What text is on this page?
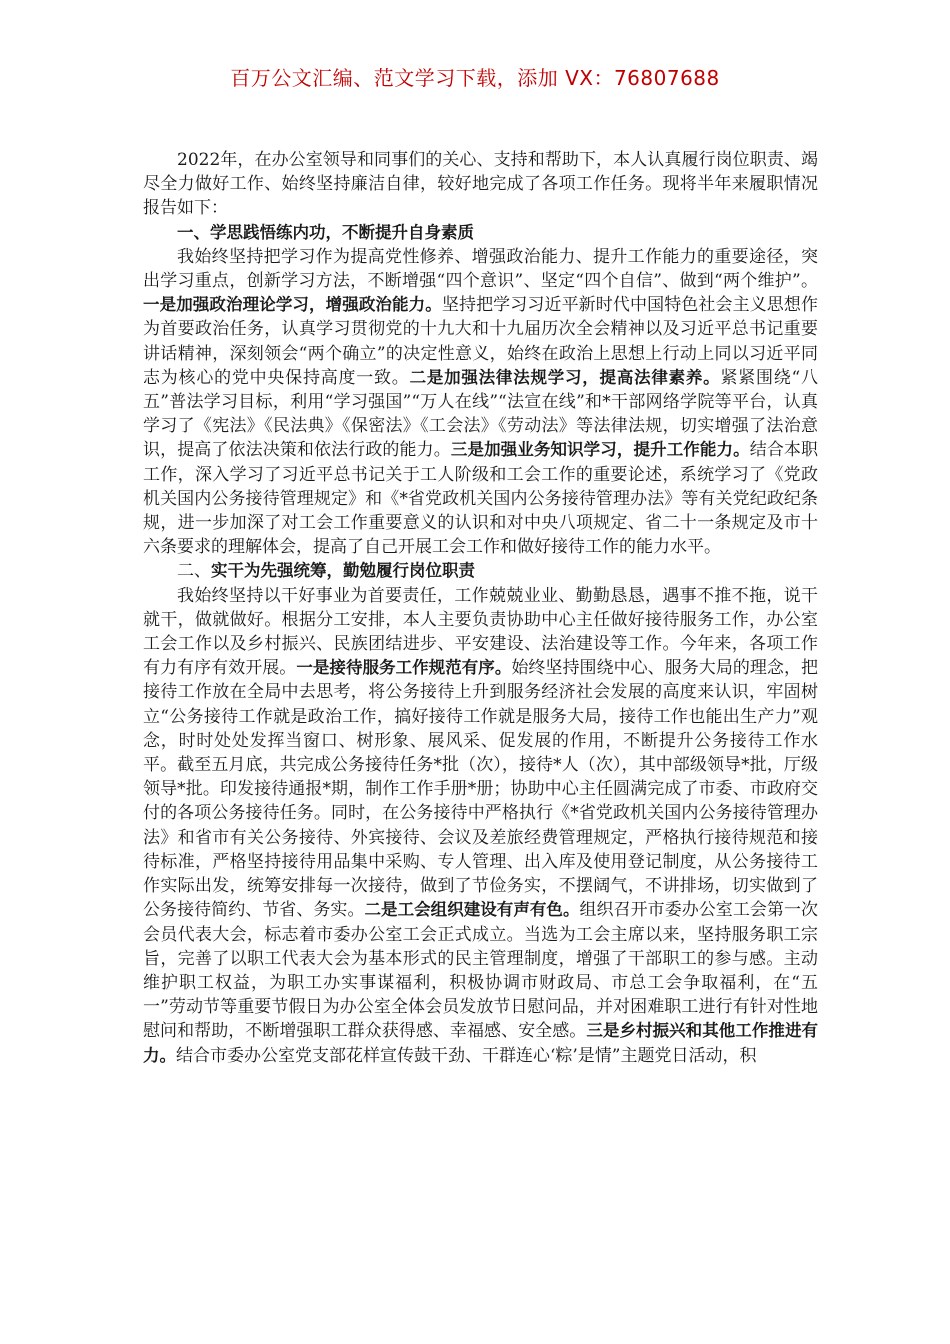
百万公文汇编、范文学习下载，添加 VX：76807688

2022年，在办公室领导和同事们的关心、支持和帮助下，本人认真履行岗位职责、竭尽全力做好工作、始终坚持廉洁自律，较好地完成了各项工作任务。现将半年来履职情况报告如下：

一、学思践悟练内功，不断提升自身素质

我始终坚持把学习作为提高党性修养、增强政治能力、提升工作能力的重要途径，突出学习重点，创新学习方法，不断增强“四个意识”、坚定“四个自信”、做到“两个维护”。一是加强政治理论学习，增强政治能力。坚持把学习习近平新时代中国特色社会主义思想作为首要政治任务，认真学习贯彻党的十九大和十九届历次全会精神以及习近平总书记重要讲话精神，深刻领会“两个确立”的决定性意义，始终在政治上思想上行动上同以习近平同志为核心的党中央保持高度一致。二是加强法律法规学习，提高法律素养。紧紧围绕“八五”普法学习目标，利用“学习强国”“万人在线”“法宣在线”和*干部网络学院等平台，认真学习了《宪法》《民法典》《保密法》《工会法》《劳动法》等法律法规，切实增强了法治意识，提高了依法决策和依法行政的能力。三是加强业务知识学习，提升工作能力。结合本职工作，深入学习了习近平总书记关于工人阶级和工会工作的重要论述，系统学习了《党政机关国内公务接待管理规定》和《*省党政机关国内公务接待管理办法》等有关党纪政纪条规，进一步加深了对工会工作重要意义的认识和对中央八项规定、省二十一条规定及市十六条要求的理解体会，提高了自己开展工会工作和做好接待工作的能力水平。

二、实干为先强统筹，勤勉履行岗位职责

我始终坚持以干好事业为首要责任，工作兢兢业业、勤勤恳恳，遇事不推不拖，说干就干，做就做好。根据分工安排，本人主要负责协助中心主任做好接待服务工作，办公室工会工作以及乡村振兴、民族团结进步、平安建设、法治建设等工作。今年来，各项工作有力有序有效开展。一是接待服务工作规范有序。始终坚持围绕中心、服务大局的理念，把接待工作放在全局中去思考，将公务接待上升到服务经济社会发展的高度来认识，牢固树立“公务接待工作就是政治工作，搞好接待工作就是服务大局，接待工作也能出生产力”观念，时时处处发挥当窗口、树形象、展风采、促发展的作用，不断提升公务接待工作水平。截至五月底，共完成公务接待任务*批（次），接待*人（次），其中部级领导*批，厅级领导*批。印发接待通报*期，制作工作手册*册；协助中心主任圆满完成了市委、市政府交付的各项公务接待任务。同时，在公务接待中严格执行《*省党政机关国内公务接待管理办法》和省市有关公务接待、外宾接待、会议及差旅经费管理规定，严格执行接待规范和接待标准，严格坚持接待用品集中采购、专人管理、出入库及使用登记制度，从公务接待工作实际出发，统筹安排每一次接待，做到了节俭务实，不摆阔气，不讲排场，切实做到了公务接待简约、节省、务实。二是工会组织建设有声有色。组织召开市委办公室工会第一次会员代表大会，标志着市委办公室工会正式成立。当选为工会主席以来，坚持服务职工宗旨，完善了以职工代表大会为基本形式的民主管理制度，增强了干部职工的参与感。主动维护职工权益，为职工办实事谋福利，积极协调市财政局、市总工会争取福利，在“五一”劳动节等重要节假日为办公室全体会员发放节日慰问品，并对困难职工进行有针对性地慰问和帮助，不断增强职工群众获得感、幸福感、安全感。三是乡村振兴和其他工作推进有力。结合市委办公室党支部花样宣传鼓干劲、干群连心‘粽’是情”主题党日活动，积
